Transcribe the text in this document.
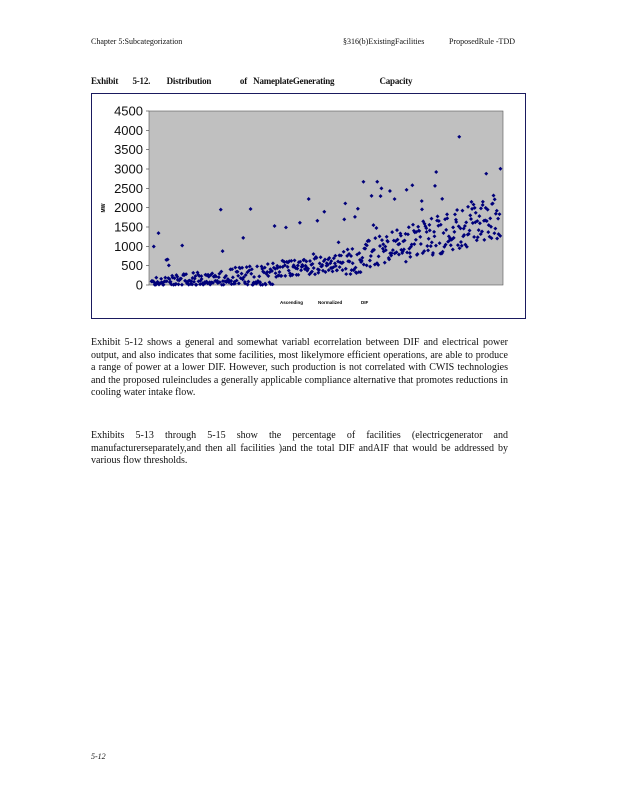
Chapter 5:Subcategorization	§316(b)ExistingFacilities	ProposedRule -TDD
Exhibit       5-12.        Distribution              of   NameplateGenerating                      Capacity
0
500
1000
1500
2000
2500
3000
3500
4000
4500
MW
Ascending	Normalized	DIF

Exhibit 5-12 shows a general and somewhat variabl ecorrelation between DIF and electrical power output, and also indicates that some facilities, most likelymore efficient operations, are able to produce a range of power at a lower DIF. However, such production is not correlated with CWIS technologies and the proposed ruleincludes a generally applicable compliance alternative that promotes reductions in cooling water intake flow.

Exhibits 5-13 through 5-15 show the percentage of facilities (electricgenerator and manufacturerseparately,and then all facilities )and the total DIF andAIF that would be addressed by various flow thresholds.

5-12
